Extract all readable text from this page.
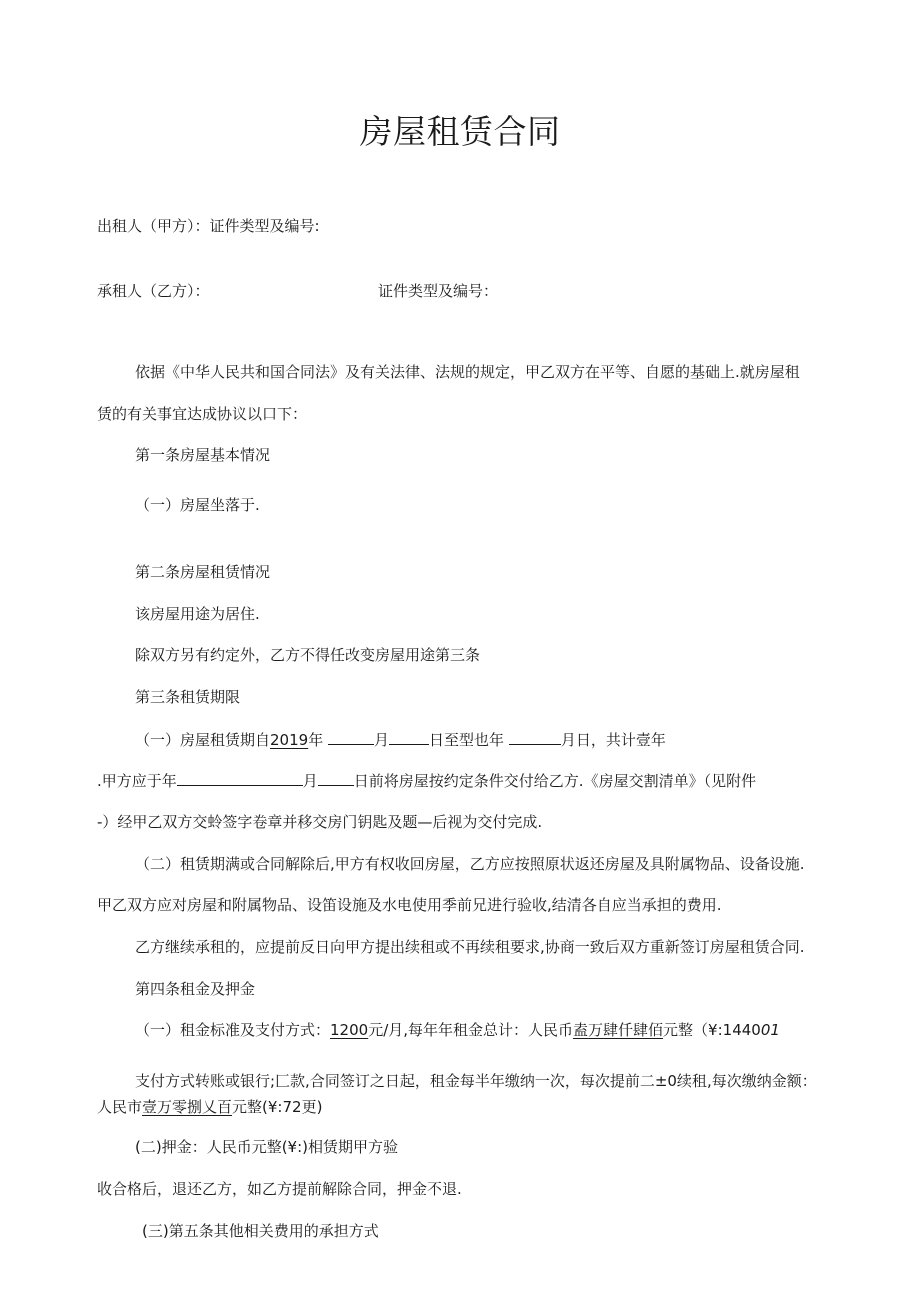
房屋租赁合同

出租人（甲方）：证件类型及编号:

承租人（乙方）：	证件类型及编号：

依据《中华人民共和国合同法》及有关法律、法规的规定，甲乙双方在平等、自愿的基础上.就房屋租

赁的有关事宜达成协议以口下：

第一条房屋基本情况

（一）房屋坐落于.

第二条房屋租赁情况

该房屋用途为居住.

除双方另有约定外，乙方不得任改变房屋用途第三条

第三条租赁期限

（一）房屋租赁期自2019年	月	日至型也年	月日，共计壹年

.甲方应于年	月 日前将房屋按约定条件交付给乙方.《房屋交割清单》（见附件

-）经甲乙双方交蛉签字卷章并移交房门钥匙及题—后视为交付完成.

（二）租赁期满或合同解除后,甲方有权收回房屋，乙方应按照原状返还房屋及具附属物品、设备设施.

甲乙双方应对房屋和附属物品、设笛设施及水电使用季前兄进行验收,结清各自应当承担的费用.

乙方继续承租的，应提前反日向甲方提出续租或不再续租要求,协商一致后双方重新签订房屋租赁合同.

第四条租金及押金

（一）租金标准及支付方式：1200元/月,每年年租金总计：人民币盍万肆仟肆佰元整（¥:144001

支付方式转账或银行;匚款,合同签订之日起，租金每半年缴纳一次，每次提前二±0续租,每次缴纳金额：

人民市壹万零捌乂百元整(¥:72更)

(二)押金：人民币元整(¥:)相赁期甲方验

收合格后，退还乙方，如乙方提前解除合同，押金不退.

(三)第五条其他相关费用的承担方式
